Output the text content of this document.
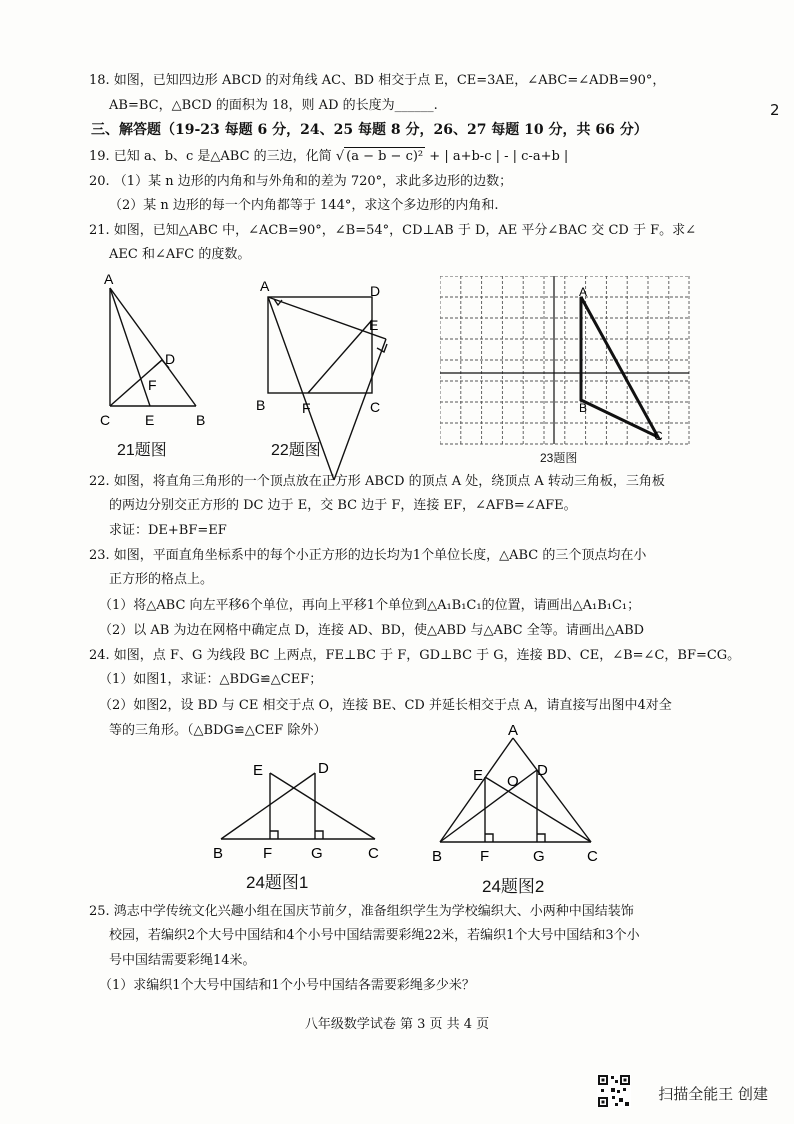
18. 如图，已知四边形 ABCD 的对角线 AC、BD 相交于点 E，CE=3AE，∠ABC=∠ADB=90°，
AB=BC，△BCD 的面积为 18，则 AD 的长度为______.	2
三、解答题（19-23 每题 6 分，24、25 每题 8 分，26、27 每题 10 分，共 66 分）
19. 已知 a、b、c 是△ABC 的三边，化简 √ (a − b − c)² + | a+b-c | - | c-a+b |
20. （1）某 n 边形的内角和与外角和的差为 720°，求此多边形的边数；
（2）某 n 边形的每一个内角都等于 144°，求这个多边形的内角和.
21. 如图，已知△ABC 中，∠ACB=90°，∠B=54°，CD⊥AB 于 D，AE 平分∠BAC 交 CD 于 F。求∠
AEC 和∠AFC 的度数。
A
D
F
C E	B
21题图
A	D
E
B	F	C
22题图
A
B
C
23题图
22. 如图，将直角三角形的一个顶点放在正方形 ABCD 的顶点 A 处，绕顶点 A 转动三角板，三角板
的两边分别交正方形的 DC 边于 E，交 BC 边于 F，连接 EF，∠AFB=∠AFE。
求证：DE+BF=EF
23. 如图，平面直角坐标系中的每个小正方形的边长均为1个单位长度，△ABC 的三个顶点均在小
正方形的格点上。
（1）将△ABC 向左平移6个单位，再向上平移1个单位到△A₁B₁C₁的位置，请画出△A₁B₁C₁；
（2）以 AB 为边在网格中确定点 D，连接 AD、BD，使△ABD 与△ABC 全等。请画出△ABD
24. 如图，点 F、G 为线段 BC 上两点，FE⊥BC 于 F，GD⊥BC 于 G，连接 BD、CE，∠B=∠C，BF=CG。
（1）如图1，求证：△BDG≌△CEF；
（2）如图2，设 BD 与 CE 相交于点 O，连接 BE、CD 并延长相交于点 A，请直接写出图中4对全
等的三角形。（△BDG≌△CEF 除外）
E	D
B	F	G	C
24题图1
A
E O
D
B	F	G	C
24题图2
25. 鸿志中学传统文化兴趣小组在国庆节前夕，准备组织学生为学校编织大、小两种中国结装饰
校园，若编织2个大号中国结和4个小号中国结需要彩绳22米，若编织1个大号中国结和3个小
号中国结需要彩绳14米。
（1）求编织1个大号中国结和1个小号中国结各需要彩绳多少米？
八年级数学试卷 第 3 页 共 4 页
扫描全能王 创建
